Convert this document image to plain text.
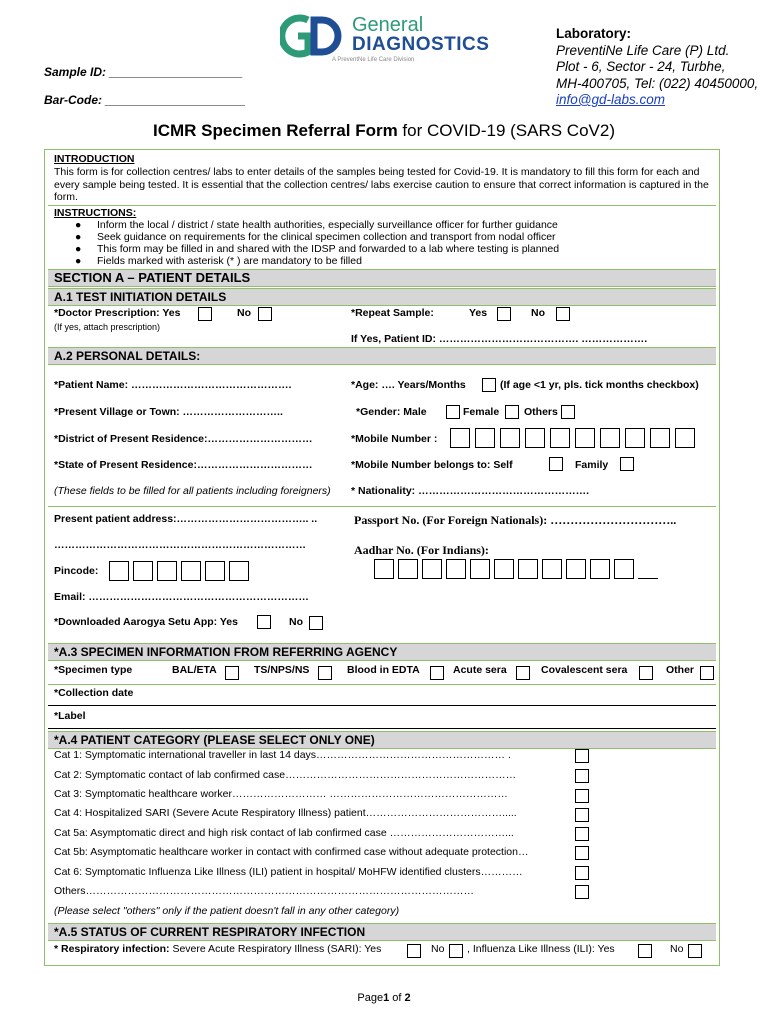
Sample ID: ____________________
Bar-Code: _____________________
General
DIAGNOSTICS
A PreventNe Life Care Division
Laboratory:
PreventiNe Life Care (P) Ltd.
Plot - 6, Sector - 24, Turbhe,
MH-400705, Tel: (022) 40450000,
info@gd-labs.com
ICMR Specimen Referral Form for COVID-19 (SARS CoV2)
INTRODUCTION
This form is for collection centres/ labs to enter details of the samples being tested for Covid-19. It is mandatory to fill this form for each and every sample being tested. It is essential that the collection centres/ labs exercise caution to ensure that correct information is captured in the form.
INSTRUCTIONS:
● Inform the local / district / state health authorities, especially surveillance officer for further guidance
● Seek guidance on requirements for the clinical specimen collection and transport from nodal officer
● This form may be filled in and shared with the IDSP and forwarded to a lab where testing is planned
● Fields marked with asterisk (* ) are mandatory to be filled
SECTION A – PATIENT DETAILS
A.1 TEST INITIATION DETAILS
*Doctor Prescription: Yes	No
(If yes, attach prescription)
*Repeat Sample:	Yes	No
If Yes, Patient ID: …………………………………. ……………….
A.2 PERSONAL DETAILS:
*Patient Name: ……………………………………….	*Age: …. Years/Months	(If age <1 yr, pls. tick months checkbox)
*Present Village or Town: ………………………..	*Gender: Male	Female Others
*District of Present Residence:…………………………	*Mobile Number :
*State of Present Residence:……………………………	*Mobile Number belongs to: Self	Family
(These fields to be filled for all patients including foreigners) * Nationality: ………………………………………….
Present patient address:……………………………….. ..	Passport No. (For Foreign Nationals): …………………………..
………………………………………………………………	Aadhar No. (For Indians):
Pincode:
Email: ………………………………………………………
*Downloaded Aarogya Setu App: Yes	No
*A.3 SPECIMEN INFORMATION FROM REFERRING AGENCY
*Specimen type	BAL/ETA	TS/NPS/NS	Blood in EDTA	Acute sera	Covalescent sera	Other
*Collection date
*Label
*A.4 PATIENT CATEGORY (PLEASE SELECT ONLY ONE)
Cat 1: Symptomatic international traveller in last 14 days……………………………………………… .
Cat 2: Symptomatic contact of lab confirmed case…………………………………………………………
Cat 3: Symptomatic healthcare worker……………………… ……………………………………………
Cat 4: Hospitalized SARI (Severe Acute Respiratory Illness) patient………………………………….....
Cat 5a: Asymptomatic direct and high risk contact of lab confirmed case ……………………………...
Cat 5b: Asymptomatic healthcare worker in contact with confirmed case without adequate protection…
Cat 6: Symptomatic Influenza Like Illness (ILI) patient in hospital/ MoHFW identified clusters…………
Others…………………………………………………………………………………………………
(Please select "others" only if the patient doesn't fall in any other category)
*A.5 STATUS OF CURRENT RESPIRATORY INFECTION
* Respiratory infection: Severe Acute Respiratory Illness (SARI): Yes	No , Influenza Like Illness (ILI): Yes	No
Page1 of 2
